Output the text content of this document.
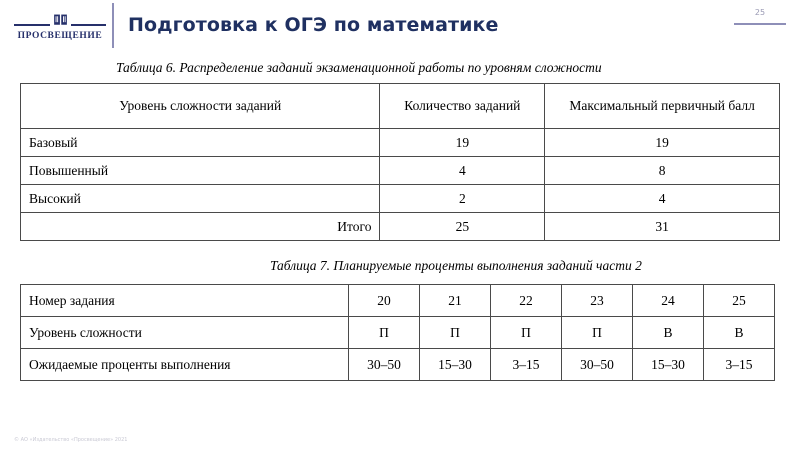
ПРОСВЕЩЕНИЕ Подготовка к ОГЭ по математике
25
Таблица 6. Распределение заданий экзаменационной работы по уровням сложности
Уровень сложности заданий	Количество заданий	Максимальный первичный балл
Базовый	19	19
Повышенный	4	8
Высокий	2	4
Итого	25	31
Таблица 7. Планируемые проценты выполнения заданий части 2
Номер задания	20	21	22	23	24	25
Уровень сложности	П	П	П	П	В	В
Ожидаемые проценты выполнения	30–50	15–30	3–15	30–50	15–30	3–15
© АО «Издательство «Просвещение» 2021
